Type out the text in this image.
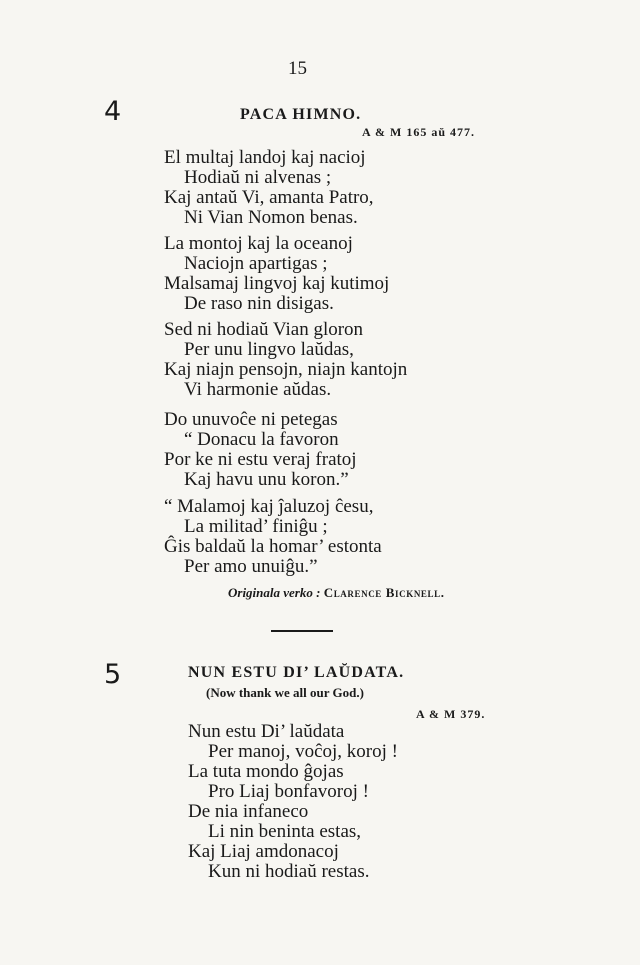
15
4	PACA HIMNO.
A & M 165 aŭ 477.
El multaj landoj kaj nacioj
Hodiaŭ ni alvenas ;
Kaj antaŭ Vi, amanta Patro,
Ni Vian Nomon benas.
La montoj kaj la oceanoj
Naciojn apartigas ;
Malsamaj lingvoj kaj kutimoj
De raso nin disigas.
Sed ni hodiaŭ Vian gloron
Per unu lingvo laŭdas,
Kaj niajn pensojn, niajn kantojn
Vi harmonie aŭdas.
Do unuvoĉe ni petegas
“ Donacu la favoron
Por ke ni estu veraj fratoj
Kaj havu unu koron.”
“ Malamoj kaj ĵaluzoj ĉesu,
La militad’ finiĝu ;
Ĝis baldaŭ la homar’ estonta
Per amo unuiĝu.”
Originala verko : Clarence Bicknell.
5	NUN ESTU DI’ LAŬDATA.
(Now thank we all our God.)
A & M 379.
Nun estu Di’ laŭdata
Per manoj, voĉoj, koroj !
La tuta mondo ĝojas
Pro Liaj bonfavoroj !
De nia infaneco
Li nin beninta estas,
Kaj Liaj amdonacoj
Kun ni hodiaŭ restas.
